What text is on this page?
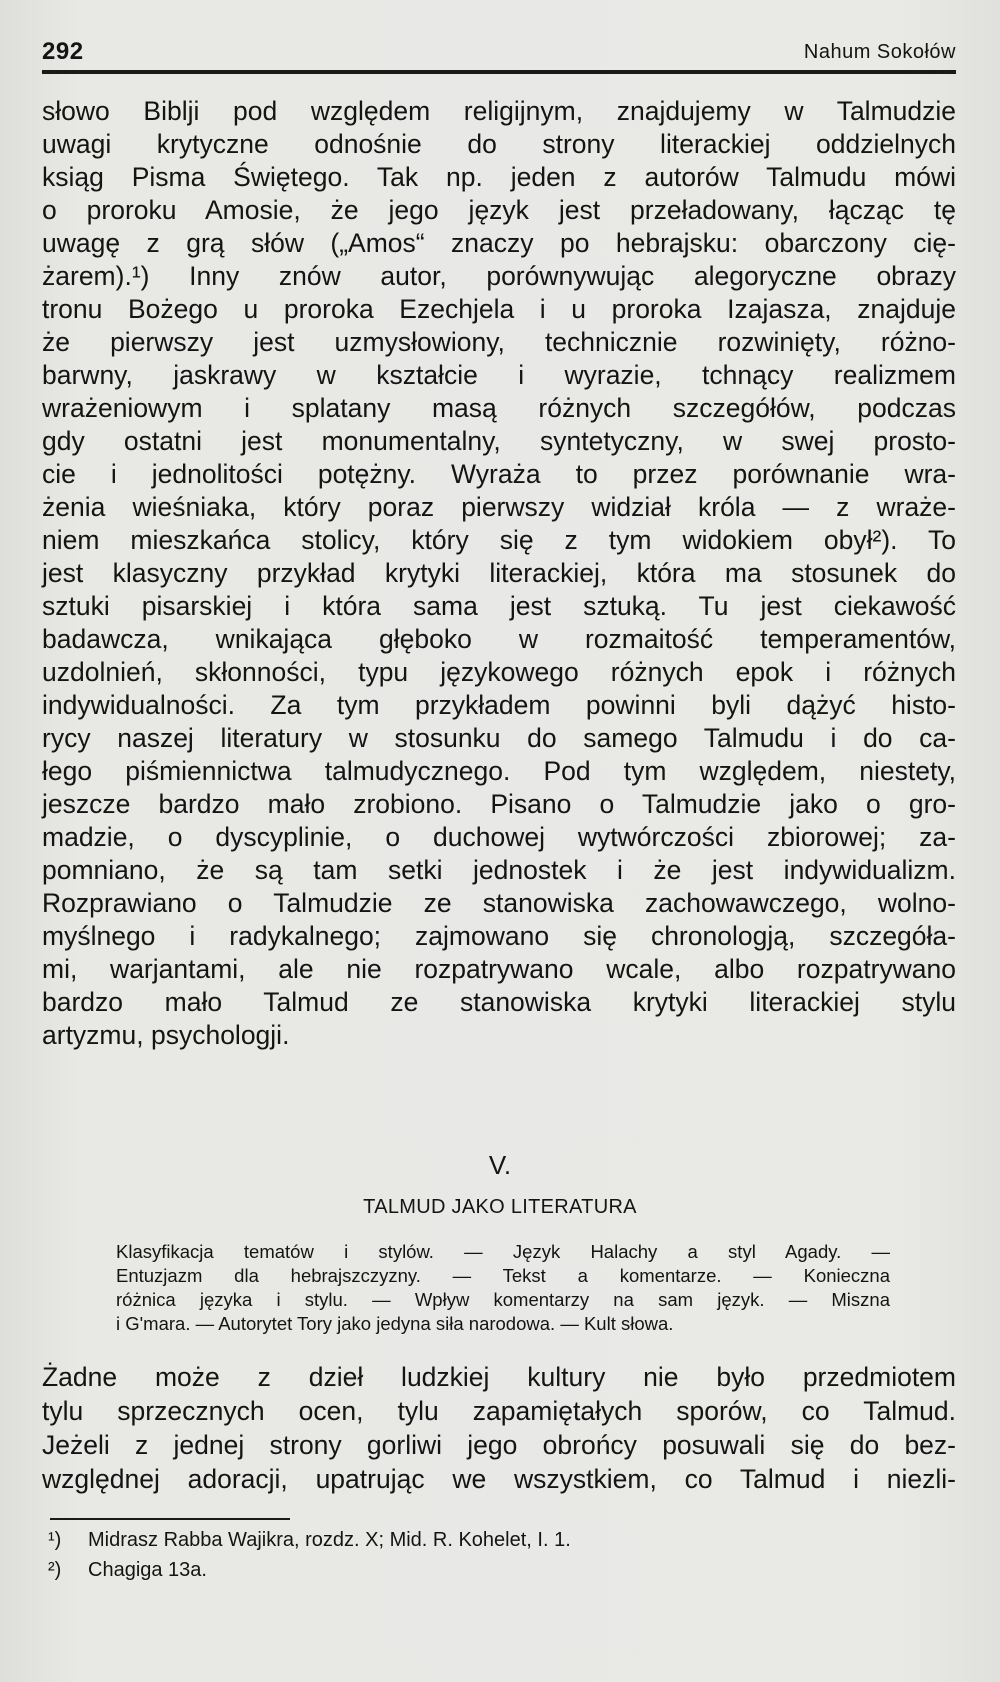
292	Nahum Sokołów
słowo Biblji pod względem religijnym, znajdujemy w Talmudzie
uwagi krytyczne odnośnie do strony literackiej oddzielnych
ksiąg Pisma Świętego. Tak np. jeden z autorów Talmudu mówi
o proroku Amosie, że jego język jest przeładowany, łącząc tę
uwagę z grą słów („Amos“ znaczy po hebrajsku: obarczony cię-
żarem).¹) Inny znów autor, porównywując alegoryczne obrazy
tronu Bożego u proroka Ezechjela i u proroka Izajasza, znajduje
że pierwszy jest uzmysłowiony, technicznie rozwinięty, różno-
barwny, jaskrawy w kształcie i wyrazie, tchnący realizmem
wrażeniowym i splatany masą różnych szczegółów, podczas
gdy ostatni jest monumentalny, syntetyczny, w swej prosto-
cie i jednolitości potężny. Wyraża to przez porównanie wra-
żenia wieśniaka, który poraz pierwszy widział króla — z wraże-
niem mieszkańca stolicy, który się z tym widokiem obył²). To
jest klasyczny przykład krytyki literackiej, która ma stosunek do
sztuki pisarskiej i która sama jest sztuką. Tu jest ciekawość
badawcza, wnikająca głęboko w rozmaitość temperamentów,
uzdolnień, skłonności, typu językowego różnych epok i różnych
indywidualności. Za tym przykładem powinni byli dążyć histo-
rycy naszej literatury w stosunku do samego Talmudu i do ca-
łego piśmiennictwa talmudycznego. Pod tym względem, niestety,
jeszcze bardzo mało zrobiono. Pisano o Talmudzie jako o gro-
madzie, o dyscyplinie, o duchowej wytwórczości zbiorowej; za-
pomniano, że są tam setki jednostek i że jest indywidualizm.
Rozprawiano o Talmudzie ze stanowiska zachowawczego, wolno-
myślnego i radykalnego; zajmowano się chronologją, szczegóła-
mi, warjantami, ale nie rozpatrywano wcale, albo rozpatrywano
bardzo mało Talmud ze stanowiska krytyki literackiej stylu
artyzmu, psychologji.
V.
TALMUD JAKO LITERATURA
Klasyfikacja tematów i stylów. — Język Halachy a styl Agady. —
Entuzjazm dla hebrajszczyzny. — Tekst a komentarze. — Konieczna
różnica języka i stylu. — Wpływ komentarzy na sam język. — Miszna
i G'mara. — Autorytet Tory jako jedyna siła narodowa. — Kult słowa.
Żadne może z dzieł ludzkiej kultury nie było przedmiotem
tylu sprzecznych ocen, tylu zapamiętałych sporów, co Talmud.
Jeżeli z jednej strony gorliwi jego obrońcy posuwali się do bez-
względnej adoracji, upatrując we wszystkiem, co Talmud i niezli-
¹) Midrasz Rabba Wajikra, rozdz. X; Mid. R. Kohelet, I. 1.
²) Chagiga 13a.
